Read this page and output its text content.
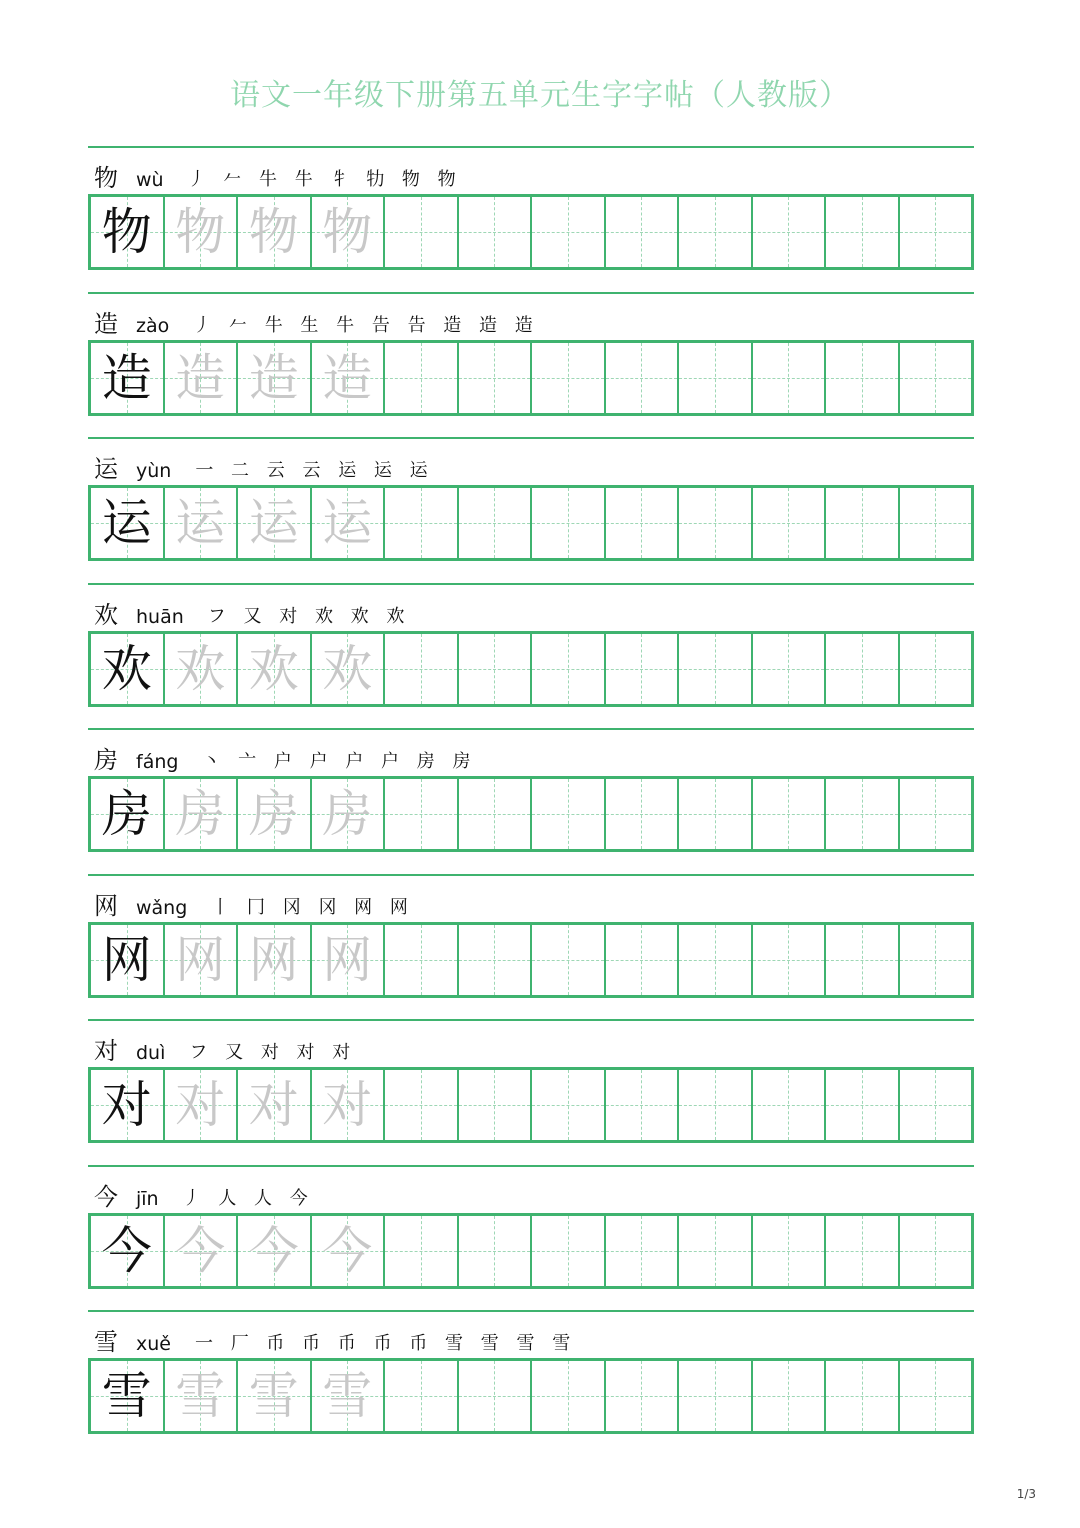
语文一年级下册第五单元生字字帖（人教版）
物 wù 丿 𠂉 牛 牛 牜 牞 物 物
物 物 物 物
造 zào 丿 𠂉 牛 生 牛 告 告 造 造 造
造 造 造 造
运 yùn 一 二 云 云 运 运 运
运 运 运 运
欢 huān フ 又 对 欢 欢 欢
欢 欢 欢 欢
房 fáng 丶 亠 户 户 户 户 房 房
房 房 房 房
网 wǎng 丨 冂 冈 冈 网 网
网 网 网 网
对 duì フ 又 对 对 对
对 对 对 对
今 jīn 丿 人 人 今
今 今 今 今
雪 xuě 一 厂 币 币 币 币 币 雪 雪 雪 雪
雪 雪 雪 雪
1/3
